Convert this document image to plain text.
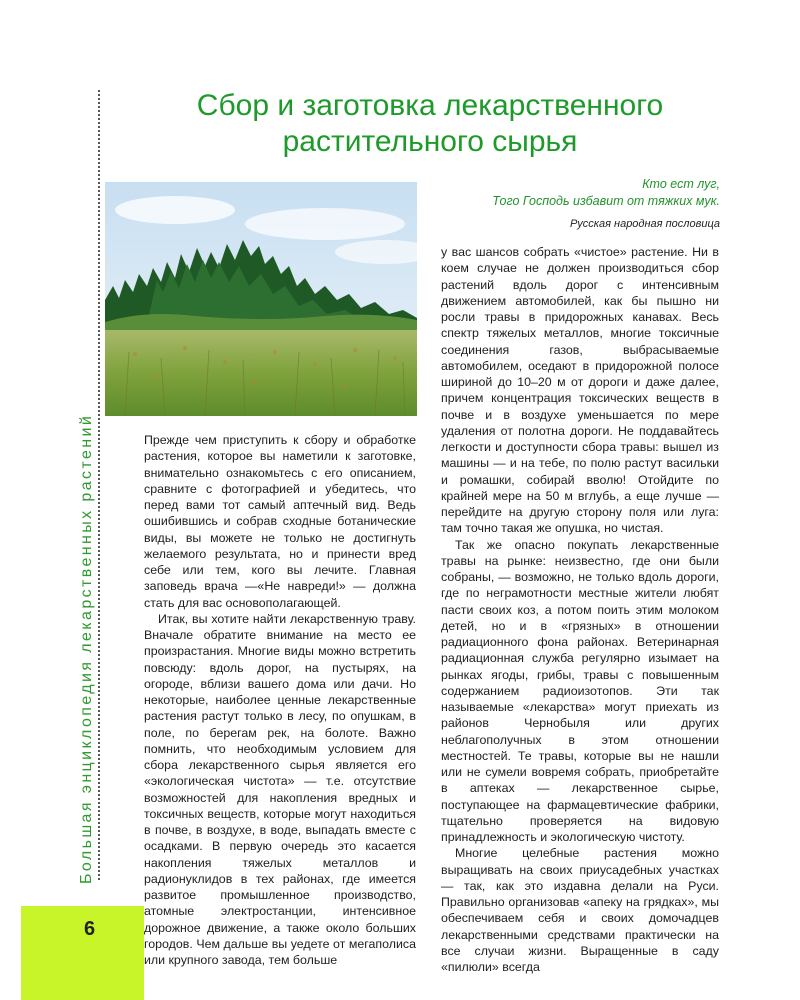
Большая энциклопедия лекарственных растений
6
Сбор и заготовка лекарственного
растительного сырья

Кто ест луг,

Того Господь избавит от тяжких мук.

Русская народная пословица

Прежде чем приступить к сбору и обработке растения, которое вы наметили к заготовке, внимательно ознакомьтесь с его описанием, сравните с фотографией и убедитесь, что перед вами тот самый аптечный вид. Ведь ошибившись и собрав сходные ботанические виды, вы можете не только не достигнуть желаемого результата, но и принести вред себе или тем, кого вы лечите. Главная заповедь врача —«Не навреди!» — должна стать для вас основополагающей.

Итак, вы хотите найти лекарственную траву. Вначале обратите внимание на место ее произрастания. Многие виды можно встретить повсюду: вдоль дорог, на пустырях, на огороде, вблизи вашего дома или дачи. Но некоторые, наиболее ценные лекарственные растения растут только в лесу, по опушкам, в поле, по берегам рек, на болоте. Важно помнить, что необходимым условием для сбора лекарственного сырья является его «экологическая чистота» — т.е. отсутствие возможностей для накопления вредных и токсичных веществ, которые могут находиться в почве, в воздухе, в воде, выпадать вместе с осадками. В первую очередь это касается накопления тяжелых металлов и радионуклидов в тех районах, где имеется развитое промышленное производство, атомные электростанции, интенсивное дорожное движение, а также около больших городов. Чем дальше вы уедете от мегаполиса или крупного завода, тем больше

у вас шансов собрать «чистое» растение. Ни в коем случае не должен производиться сбор растений вдоль дорог с интенсивным движением автомобилей, как бы пышно ни росли травы в придорожных канавах. Весь спектр тяжелых металлов, многие токсичные соединения газов, выбрасываемые автомобилем, оседают в придорожной полосе шириной до 10–20 м от дороги и даже далее, причем концентрация токсических веществ в почве и в воздухе уменьшается по мере удаления от полотна дороги. Не поддавайтесь легкости и доступности сбора травы: вышел из машины — и на тебе, по полю растут васильки и ромашки, собирай вволю! Отойдите по крайней мере на 50 м вглубь, а еще лучше — перейдите на другую сторону поля или луга: там точно такая же опушка, но чистая.

Так же опасно покупать лекарственные травы на рынке: неизвестно, где они были собраны, — возможно, не только вдоль дороги, где по неграмотности местные жители любят пасти своих коз, а потом поить этим молоком детей, но и в «грязных» в отношении радиационного фона районах. Ветеринарная радиационная служба регулярно изымает на рынках ягоды, грибы, травы с повышенным содержанием радиоизотопов. Эти так называемые «лекарства» могут приехать из районов Чернобыля или других неблагополучных в этом отношении местностей. Те травы, которые вы не нашли или не сумели вовремя собрать, приобретайте в аптеках — лекарственное сырье, поступающее на фармацевтические фабрики, тщательно проверяется на видовую принадлежность и экологическую чистоту.

Многие целебные растения можно выращивать на своих приусадебных участках — так, как это издавна делали на Руси. Правильно организовав «апеку на грядках», мы обеспечиваем себя и своих домочадцев лекарственными средствами практически на все случаи жизни. Выращенные в саду «пилюли» всегда
